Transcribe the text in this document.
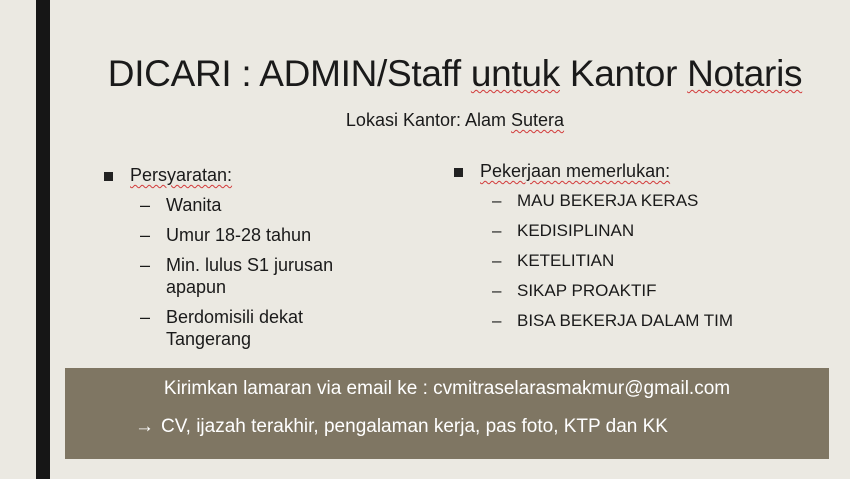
DICARI : ADMIN/Staff untuk Kantor Notaris
Lokasi Kantor: Alam Sutera
Persyaratan:
– Wanita
– Umur 18-28 tahun
– Min. lulus S1 jurusan apapun
– Berdomisili dekat Tangerang
Pekerjaan memerlukan:
– MAU BEKERJA KERAS
– KEDISIPLINAN
– KETELITIAN
– SIKAP PROAKTIF
– BISA BEKERJA DALAM TIM
Kirimkan lamaran via email ke : cvmitraselarasmakmur@gmail.com
→ CV, ijazah terakhir, pengalaman kerja, pas foto, KTP dan KK
